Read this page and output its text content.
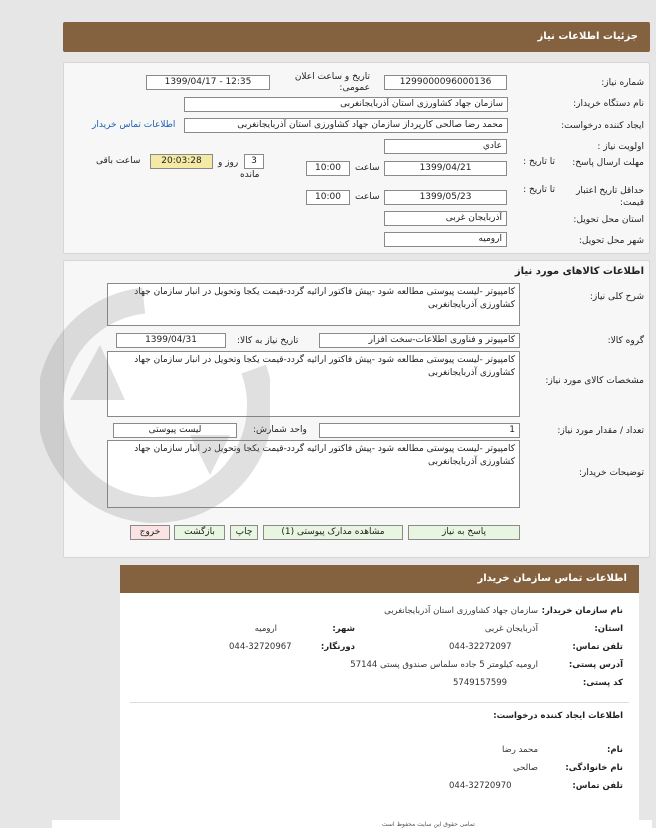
جزئیات اطلاعات نیاز
شماره نیاز:
1299000096000136
تاریخ و ساعت اعلان عمومی:
1399/04/17 - 12:35
نام دستگاه خریدار:
سازمان جهاد کشاورزی استان آذربایجانغربی
ایجاد کننده درخواست:
محمد رضا صالحی کارپرداز سازمان جهاد کشاورزی استان آذربایجانغربی
اطلاعات تماس خریدار
اولویت نیاز :
عادي
مهلت ارسال پاسخ:
تا تاریخ :
1399/04/21
ساعت
10:00
3
روز و
20:03:28
ساعت باقی
مانده
حداقل تاریخ اعتبار قیمت:
تا تاریخ :
1399/05/23
ساعت
10:00
استان محل تحویل:
آذربایجان غربی
شهر محل تحویل:
ارومیه
اطلاعات کالاهای مورد نیاز
شرح کلی نیاز:
کامپیوتر -لیست پیوستی مطالعه شود -پیش فاکتور ارائیه گردد-قیمت یکجا وتحویل در انبار سازمان جهاد کشاورزی آذربایجانغربی
گروه کالا:
کامپیوتر و فناوری اطلاعات-سخت افزار
تاریخ نیاز به کالا:
1399/04/31
مشخصات کالای مورد نیاز:
کامپیوتر -لیست پیوستی مطالعه شود -پیش فاکتور ارائیه گردد-قیمت یکجا وتحویل در انبار سازمان جهاد کشاورزی آذربایجانغربی
تعداد / مقدار مورد نیاز:
1
واحد شمارش:
لیست پیوستی
توضیحات خریدار:
کامپیوتر -لیست پیوستی مطالعه شود -پیش فاکتور ارائیه گردد-قیمت یکجا وتحویل در انبار سازمان جهاد کشاورزی آذربایجانغربی
پاسخ به نیاز
مشاهده مدارک پیوستی (1)
چاپ
بازگشت
خروج
اطلاعات تماس سازمان خریدار
نام سازمان خریدار:
سازمان جهاد کشاورزی استان آذربایجانغربی
استان:
آذربایجان غربی
شهر:
ارومیه
تلفن تماس:
044-32272097
دورنگار:
044-32720967
آدرس پستی:
ارومیه کیلومتر 5 جاده سلماس صندوق پستی 57144
کد پستی:
5749157599
اطلاعات ایجاد کننده درخواست:
نام:
محمد رضا
نام خانوادگی:
صالحی
تلفن تماس:
044-32720970
تمامی حقوق این سایت محفوظ است
